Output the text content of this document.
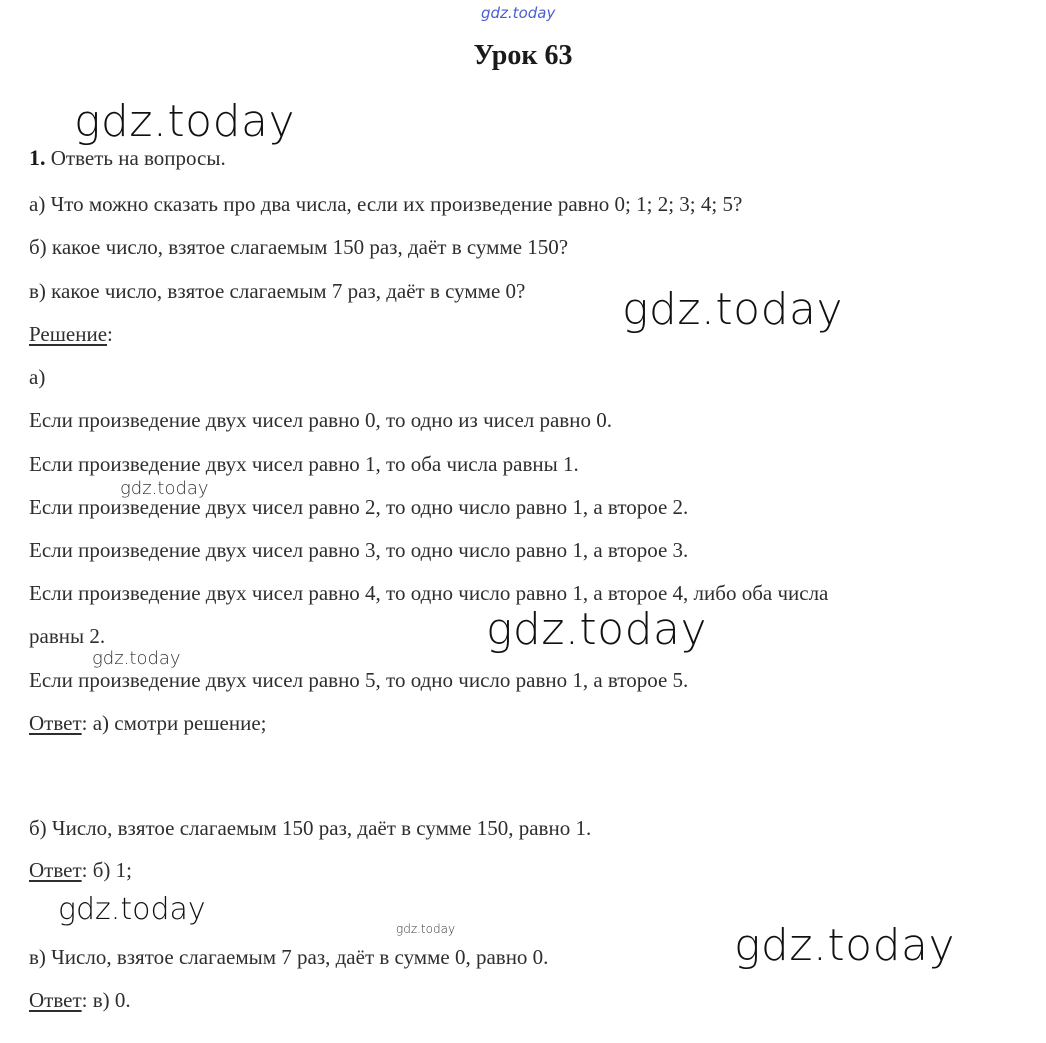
gdz.today
Урок 63
gdz.today
gdz.today
gdz.today
gdz.today
gdz.today
gdz.today
gdz.today	gdz.today
1. Ответь на вопросы.
а) Что можно сказать про два числа, если их произведение равно 0; 1; 2; 3; 4; 5?
б) какое число, взятое слагаемым 150 раз, даёт в сумме 150?
в) какое число, взятое слагаемым 7 раз, даёт в сумме 0?
Решение:
а)
Если произведение двух чисел равно 0, то одно из чисел равно 0.
Если произведение двух чисел равно 1, то оба числа равны 1.
Если произведение двух чисел равно 2, то одно число равно 1, а второе 2.
Если произведение двух чисел равно 3, то одно число равно 1, а второе 3.
Если произведение двух чисел равно 4, то одно число равно 1, а второе 4, либо оба числа
равны 2.
Если произведение двух чисел равно 5, то одно число равно 1, а второе 5.
Ответ: а) смотри решение;
б) Число, взятое слагаемым 150 раз, даёт в сумме 150, равно 1.
Ответ: б) 1;
в) Число, взятое слагаемым 7 раз, даёт в сумме 0, равно 0.
Ответ: в) 0.
